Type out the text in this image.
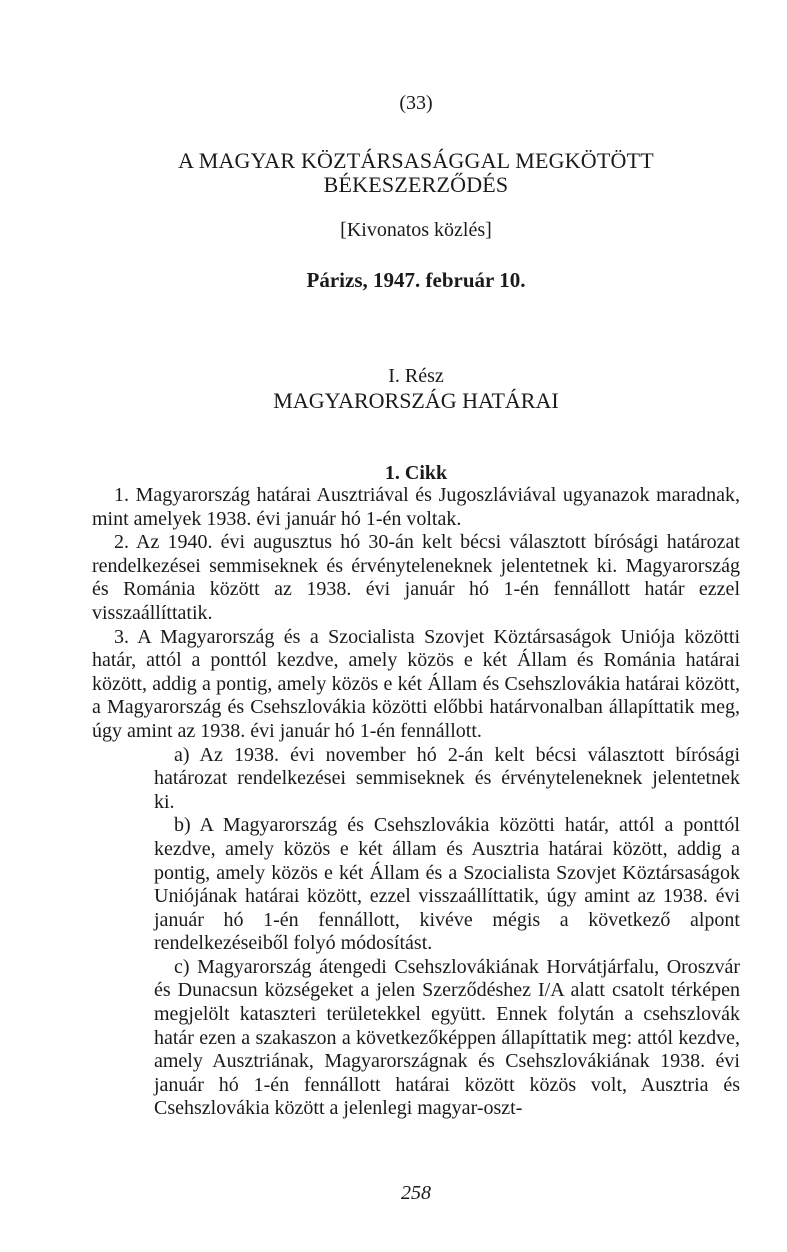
(33)
A MAGYAR KÖZTÁRSASÁGGAL MEGKÖTÖTT
BÉKESZERZŐDÉS
[Kivonatos közlés]
Párizs, 1947. február 10.
I. Rész
MAGYARORSZÁG HATÁRAI
1. Cikk

1. Magyarország határai Ausztriával és Jugoszláviával ugyanazok maradnak, mint amelyek 1938. évi január hó 1-én voltak.

2. Az 1940. évi augusztus hó 30-án kelt bécsi választott bírósági határozat rendelkezései semmiseknek és érvényteleneknek jelentetnek ki. Magyarország és Románia között az 1938. évi január hó 1-én fennállott határ ezzel visszaállíttatik.

3. A Magyarország és a Szocialista Szovjet Köztársaságok Uniója közötti határ, attól a ponttól kezdve, amely közös e két Állam és Románia határai között, addig a pontig, amely közös e két Állam és Csehszlovákia határai között, a Magyarország és Csehszlovákia közötti előbbi határvonalban állapíttatik meg, úgy amint az 1938. évi január hó 1-én fennállott.

a) Az 1938. évi november hó 2-án kelt bécsi választott bírósági határozat rendelkezései semmiseknek és érvényteleneknek jelentetnek ki.

b) A Magyarország és Csehszlovákia közötti határ, attól a ponttól kezdve, amely közös e két állam és Ausztria határai között, addig a pontig, amely közös e két Állam és a Szocialista Szovjet Köztársaságok Uniójának határai között, ezzel visszaállíttatik, úgy amint az 1938. évi január hó 1-én fennállott, kivéve mégis a következő alpont rendelkezéseiből folyó módosítást.

c) Magyarország átengedi Csehszlovákiának Horvátjárfalu, Oroszvár és Dunacsun községeket a jelen Szerződéshez I/A alatt csatolt térképen megjelölt kataszteri területekkel együtt. Ennek folytán a csehszlovák határ ezen a szakaszon a következőképpen állapíttatik meg: attól kezdve, amely Ausztriának, Magyarországnak és Csehszlovákiának 1938. évi január hó 1-én fennállott határai között közös volt, Ausztria és Csehszlovákia között a jelenlegi magyar-oszt-

258
